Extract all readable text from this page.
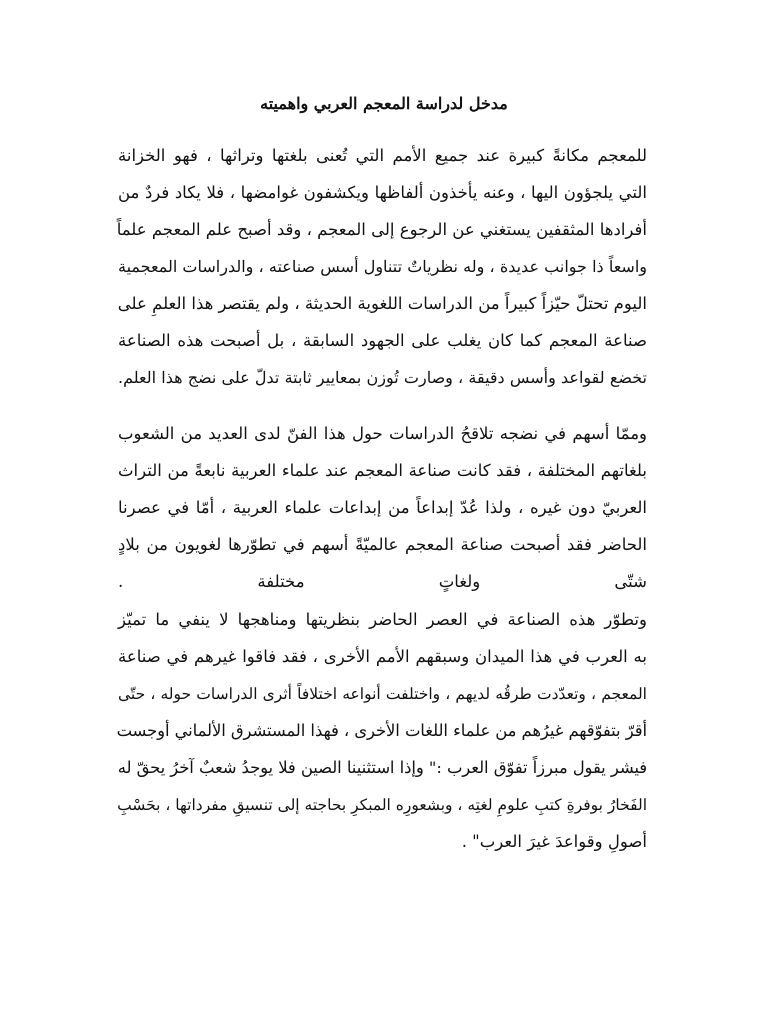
مدخل لدراسة المعجم العربي واهميته
للمعجم مكانةً كبيرة عند جميع الأمم التي تُعنى بلغتها وتراثها ، فهو الخزانة
التي يلجؤون اليها ، وعنه يأخذون ألفاظها ويكشفون غوامضها ، فلا يكاد فردٌ من
أفرادها المثقفين يستغني عن الرجوع إلى المعجم ، وقد أصبح علم المعجم علماً
واسعاً ذا جوانب عديدة ، وله نظرياتٌ تتناول أسس صناعته ، والدراسات المعجمية
اليوم تحتلّ حيّزاً كبيراً من الدراسات اللغوية الحديثة ، ولم يقتصر هذا العلمِ على
صناعة المعجم كما كان يغلب على الجهود السابقة ، بل أصبحت هذه الصناعة
تخضع لقواعد وأسس دقيقة ، وصارت تُوزن بمعايير ثابتة تدلّ على نضج هذا العلم.
وممّا أسهم في نضجه تلاقحُ الدراسات حول هذا الفنّ لدى العديد من الشعوب
بلغاتهم المختلفة ، فقد كانت صناعة المعجم عند علماء العربية نابعةً من التراث
العربيّ دون غيره ، ولذا عُدّ إبداعاً من إبداعات علماء العربية ، أمّا في عصرنا
الحاضر فقد أصبحت صناعة المعجم عالميّةً أسهم في تطوّرها لغويون من بلادٍ
شتّى ولغاتٍ مختلفة .
وتطوّر هذه الصناعة في العصر الحاضر بنظريتها ومناهجها لا ينفي ما تميّز
به العرب في هذا الميدان وسبقهم الأمم الأخرى ، فقد فاقوا غيرهم في صناعة
المعجم ، وتعدّدت طرقُه لديهم ، واختلفت أنواعه اختلافاً أثرى الدراسات حوله ، حتّى
أقرّ بتفوّقهم غيرُهم من علماء اللغات الأخرى ، فهذا المستشرق الألماني أوجست
فيشر يقول مبرزاً تفوّق العرب :" وإذا استثنينا الصين فلا يوجدُ شعبٌ آخرُ يحقّ له
الفَخارُ بوفرةِ كتبِ علومِ لغتِه ، وبشعورِه المبكرِ بحاجته إلى تنسيقِ مفرداتها ، بحَسْبِ
أصولِ وقواعدَ غيرَ العرب" .
